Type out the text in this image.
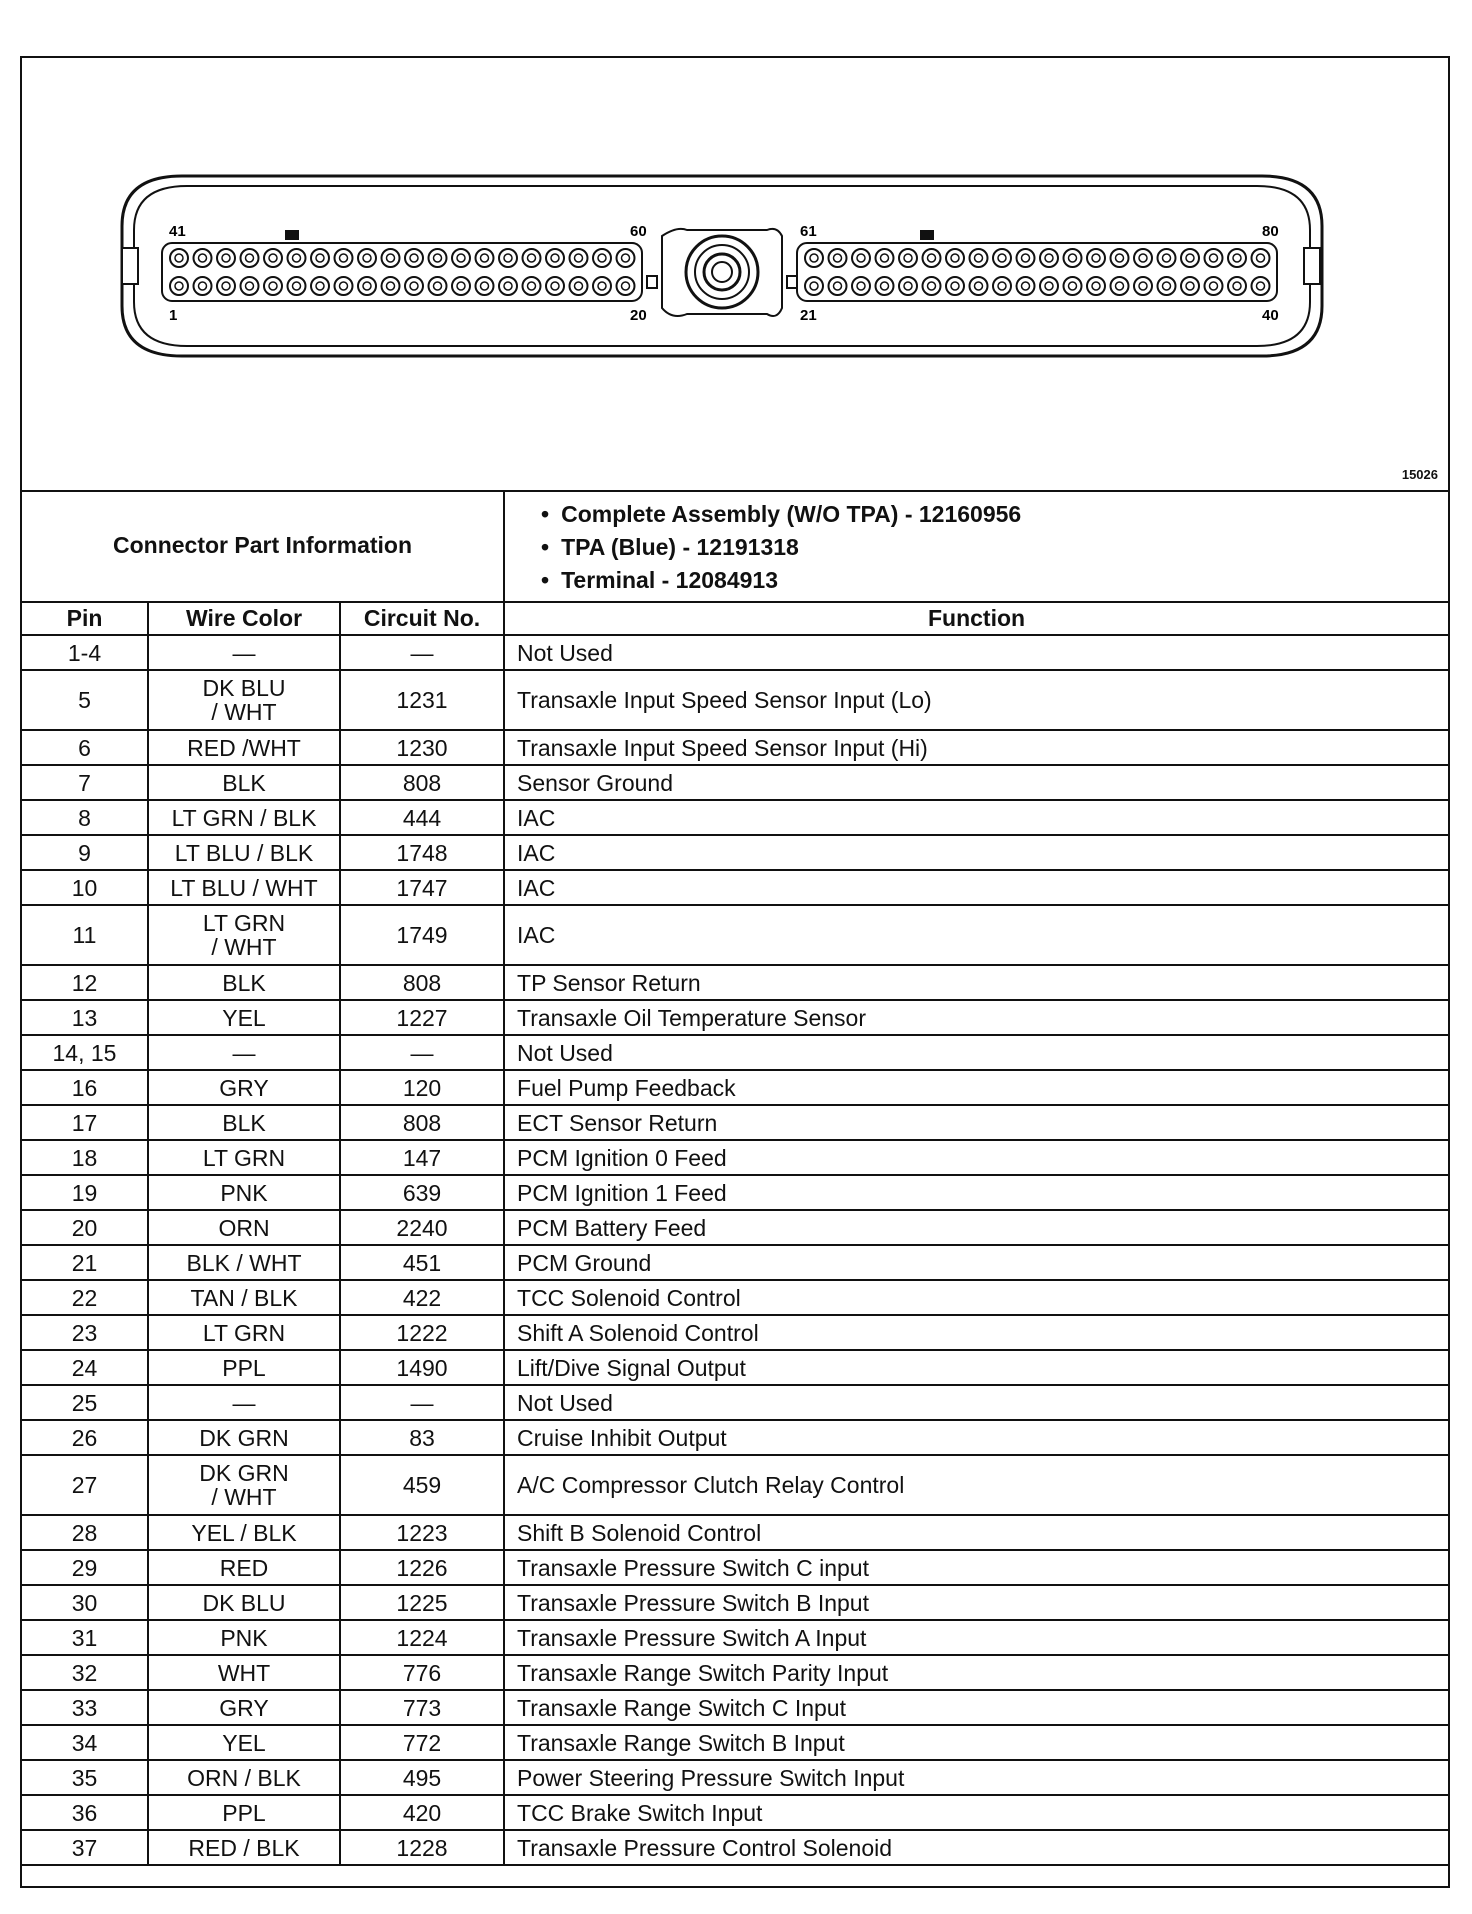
41	60
1	20
61	80
21	40
15026
Connector Part Information			• Complete Assembly (W/O TPA) - 12160956
• TPA (Blue) - 12191318
• Terminal - 12084913

Pin	Wire Color	Circuit No.	Function
1-4	—	—	Not Used
5	DK BLU
/ WHT	1231	Transaxle Input Speed Sensor Input (Lo)
6	RED /WHT	1230	Transaxle Input Speed Sensor Input (Hi)
7	BLK	808	Sensor Ground
8	LT GRN / BLK	444	IAC
9	LT BLU / BLK	1748	IAC
10	LT BLU / WHT	1747	IAC
11	LT GRN
/ WHT	1749	IAC
12	BLK	808	TP Sensor Return
13	YEL	1227	Transaxle Oil Temperature Sensor
14, 15	—	—	Not Used
16	GRY	120	Fuel Pump Feedback
17	BLK	808	ECT Sensor Return
18	LT GRN	147	PCM Ignition 0 Feed
19	PNK	639	PCM Ignition 1 Feed
20	ORN	2240	PCM Battery Feed
21	BLK / WHT	451	PCM Ground
22	TAN / BLK	422	TCC Solenoid Control
23	LT GRN	1222	Shift A Solenoid Control
24	PPL	1490	Lift/Dive Signal Output
25	—	—	Not Used
26	DK GRN	83	Cruise Inhibit Output
27	DK GRN
/ WHT	459	A/C Compressor Clutch Relay Control
28	YEL / BLK	1223	Shift B Solenoid Control
29	RED	1226	Transaxle Pressure Switch C input
30	DK BLU	1225	Transaxle Pressure Switch B Input
31	PNK	1224	Transaxle Pressure Switch A Input
32	WHT	776	Transaxle Range Switch Parity Input
33	GRY	773	Transaxle Range Switch C Input
34	YEL	772	Transaxle Range Switch B Input
35	ORN / BLK	495	Power Steering Pressure Switch Input
36	PPL	420	TCC Brake Switch Input
37	RED / BLK	1228	Transaxle Pressure Control Solenoid
